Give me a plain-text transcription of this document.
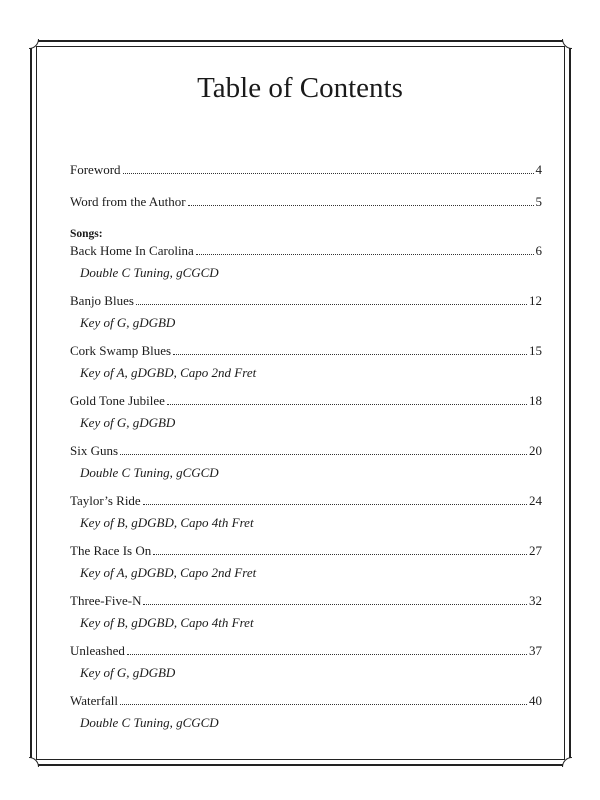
Table of Contents
Foreword	4
Word from the Author	5
Songs:
Back Home In Carolina	6
Double C Tuning, gCGCD
Banjo Blues	12
Key of G, gDGBD
Cork Swamp Blues	15
Key of A, gDGBD, Capo 2nd Fret
Gold Tone Jubilee	18
Key of G, gDGBD
Six Guns	20
Double C Tuning, gCGCD
Taylor’s Ride	24
Key of B, gDGBD, Capo 4th Fret
The Race Is On	27
Key of A, gDGBD, Capo 2nd Fret
Three-Five-N	32
Key of B, gDGBD, Capo 4th Fret
Unleashed	37
Key of G, gDGBD
Waterfall	40
Double C Tuning, gCGCD
